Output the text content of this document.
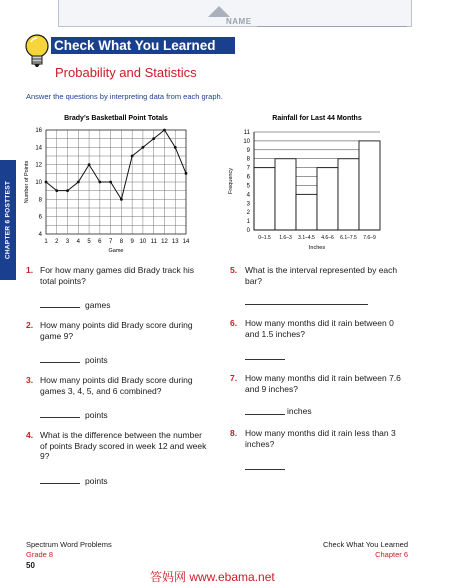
NAME
Check What You Learned
Probability and Statistics
Answer the questions by interpreting data from each graph.
CHAPTER 6 POSTTEST
Brady’s Basketball Point Totals
4
6
8
10
12
14
16
1 2 3 4 5 6 7 8 9 10 11 12 13 14
Game
Number of Points
Rainfall for Last 44 Months
0
1
2
3
4
5
6
7
8
9
10
11
0–1.5 1.6–3 3.1–4.5 4.6–6 6.1–7.5 7.6–9
Inches
Frequency
1. For how many games did Brady track his total points?
games
2. How many points did Brady score during game 9?
points
3. How many points did Brady score during games 3, 4, 5, and 6 combined?
points
4. What is the difference between the number of points Brady scored in week 12 and week 9?
points
5. What is the interval represented by each bar?
6. How many months did it rain between 0 and 1.5 inches?
7. How many months did it rain between 7.6 and 9 inches?
inches
8. How many months did it rain less than 3 inches?
Spectrum Word Problems
Grade 8
50
Check What You Learned
Chapter 6
答妈网 www.ebama.net
